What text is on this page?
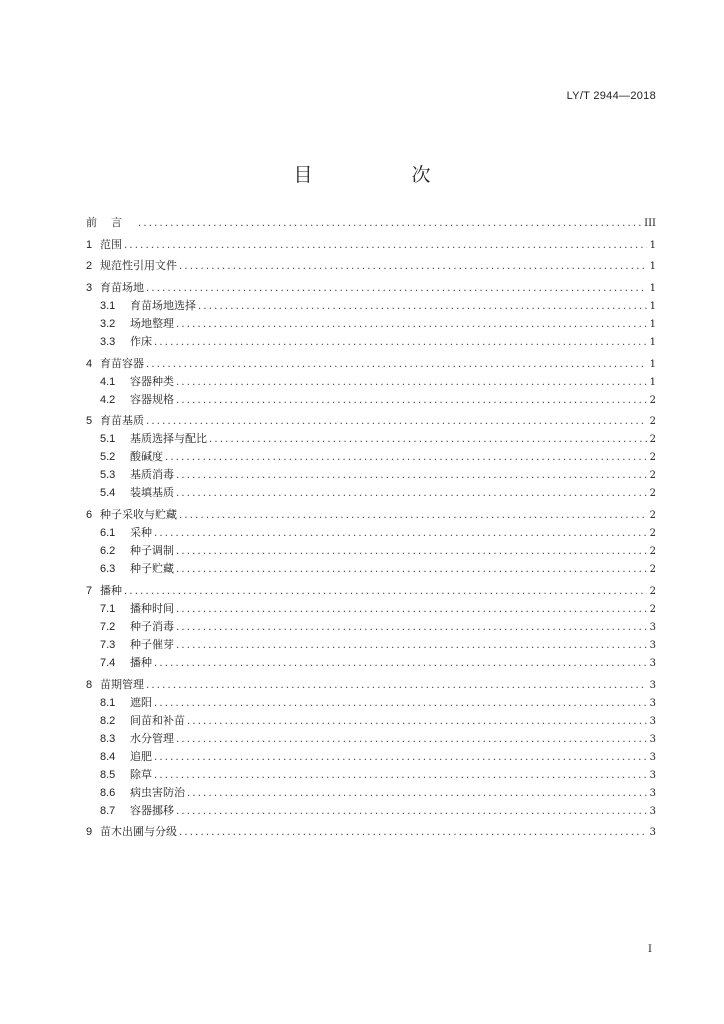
LY/T 2944—2018
目　次
前言 .....	III
1 范围 .....	1
2 规范性引用文件 .....	1
3 育苗场地 .....	1
3.1	育苗场地选择 .....	1
3.2	场地整理 .....	1
3.3	作床 .....	1
4 育苗容器 .....	1
4.1	容器种类 .....	1
4.2	容器规格 .....	2
5 育苗基质 .....	2
5.1	基质选择与配比 .....	2
5.2	酸碱度 .....	2
5.3	基质消毒 .....	2
5.4	装填基质 .....	2
6 种子采收与贮藏 .....	2
6.1	采种 .....	2
6.2	种子调制 .....	2
6.3	种子贮藏 .....	2
7 播种 .....	2
7.1	播种时间 .....	2
7.2	种子消毒 .....	3
7.3	种子催芽 .....	3
7.4	播种 .....	3
8 苗期管理 .....	3
8.1	遮阳 .....	3
8.2	间苗和补苗 .....	3
8.3	水分管理 .....	3
8.4	追肥 .....	3
8.5	除草 .....	3
8.6	病虫害防治 .....	3
8.7	容器挪移 .....	3
9 苗木出圃与分级 .....	3
I
